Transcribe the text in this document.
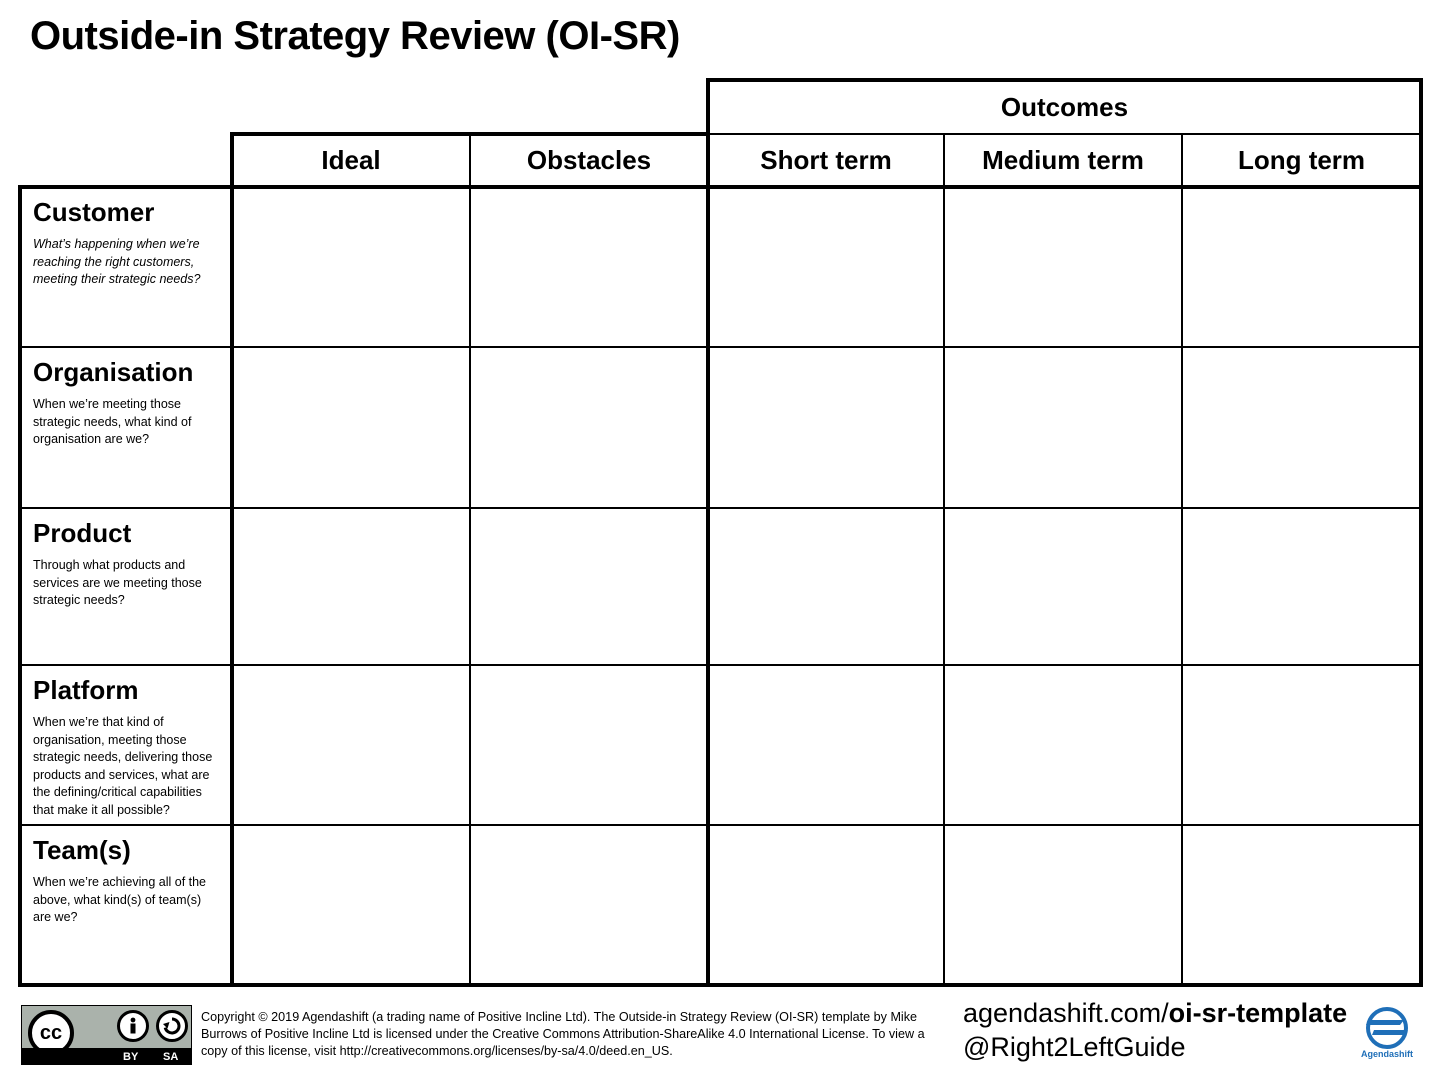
Outside-in Strategy Review (OI-SR)
Outcomes
Ideal	Obstacles	Short term	Medium term	Long term
Customer
What’s happening when we’re reaching the right customers, meeting their strategic needs?
Organisation
When we’re meeting those strategic needs, what kind of organisation are we?
Product
Through what products and services are we meeting those strategic needs?
Platform
When we’re that kind of organisation, meeting those strategic needs, delivering those products and services, what are the defining/critical capabilities that make it all possible?
Team(s)
When we’re achieving all of the above, what kind(s) of team(s) are we?
cc
BY SA
Copyright © 2019 Agendashift (a trading name of Positive Incline Ltd). The Outside-in Strategy Review (OI-SR) template by Mike Burrows of Positive Incline Ltd is licensed under the Creative Commons Attribution-ShareAlike 4.0 International License. To view a copy of this license, visit http://creativecommons.org/licenses/by-sa/4.0/deed.en_US.
agendashift.com/oi-sr-template
@Right2LeftGuide	Agendashift
